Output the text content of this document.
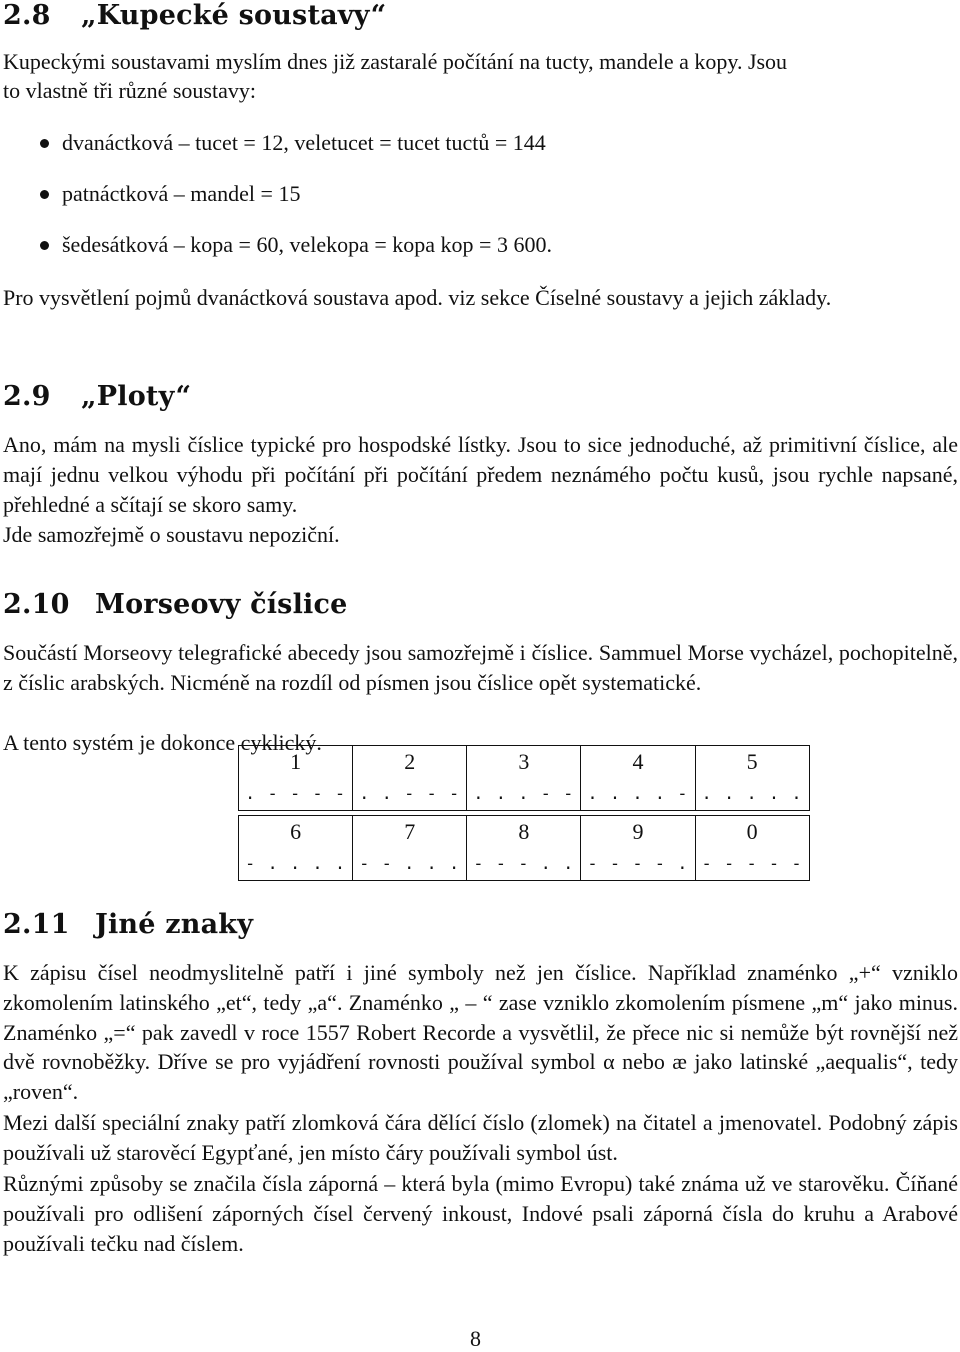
2.8 „Kupecké soustavy“
Kupeckými soustavami myslím dnes již zastaralé počítání na tucty, mandele a kopy. Jsou
to vlastně tři různé soustavy:
dvanáctková – tucet = 12, veletucet = tucet tuctů = 144
patnáctková – mandel = 15
šedesátková – kopa = 60, velekopa = kopa kop = 3 600.

Pro vysvětlení pojmů dvanáctková soustava apod. viz sekce Číselné soustavy a jejich základy.

2.9 „Ploty“

Ano, mám na mysli číslice typické pro hospodské lístky. Jsou to sice jednoduché, až primitivní číslice, ale mají jednu velkou výhodu při počítání při počítání předem neznámého počtu kusů, jsou rychle napsané, přehledné a sčítají se skoro samy.

Jde samozřejmě o soustavu nepoziční.
2.10 Morseovy číslice

Součástí Morseovy telegrafické abecedy jsou samozřejmě i číslice. Sammuel Morse vycházel, pochopitelně, z číslic arabských. Nicméně na rozdíl od písmen jsou číslice opět systematické.

A tento systém je dokonce cyklický.
1	2	3	4	5
. - - - -	. . - - -	. . . - -	. . . . -	. . . . .

6	7	8	9	0
- . . . .	- - . . .	- - - . .	- - - - .	- - - - -
2.11 Jiné znaky

K zápisu čísel neodmyslitelně patří i jiné symboly než jen číslice. Například znaménko „+“ vzniklo zkomolením latinského „et“, tedy „a“. Znaménko „ – “ zase vzniklo zkomolením písmene „m“ jako minus. Znaménko „=“ pak zavedl v roce 1557 Robert Recorde a vysvětlil, že přece nic si nemůže být rovnější než dvě rovnoběžky. Dříve se pro vyjádření rovnosti používal symbol α nebo æ jako latinské „aequalis“, tedy „roven“.

Mezi další speciální znaky patří zlomková čára dělící číslo (zlomek) na čitatel a jmenovatel. Podobný zápis používali už starověcí Egypťané, jen místo čáry používali symbol úst.

Různými způsoby se značila čísla záporná – která byla (mimo Evropu) také známa už ve starověku. Číňané používali pro odlišení záporných čísel červený inkoust, Indové psali záporná čísla do kruhu a Arabové používali tečku nad číslem.

8
